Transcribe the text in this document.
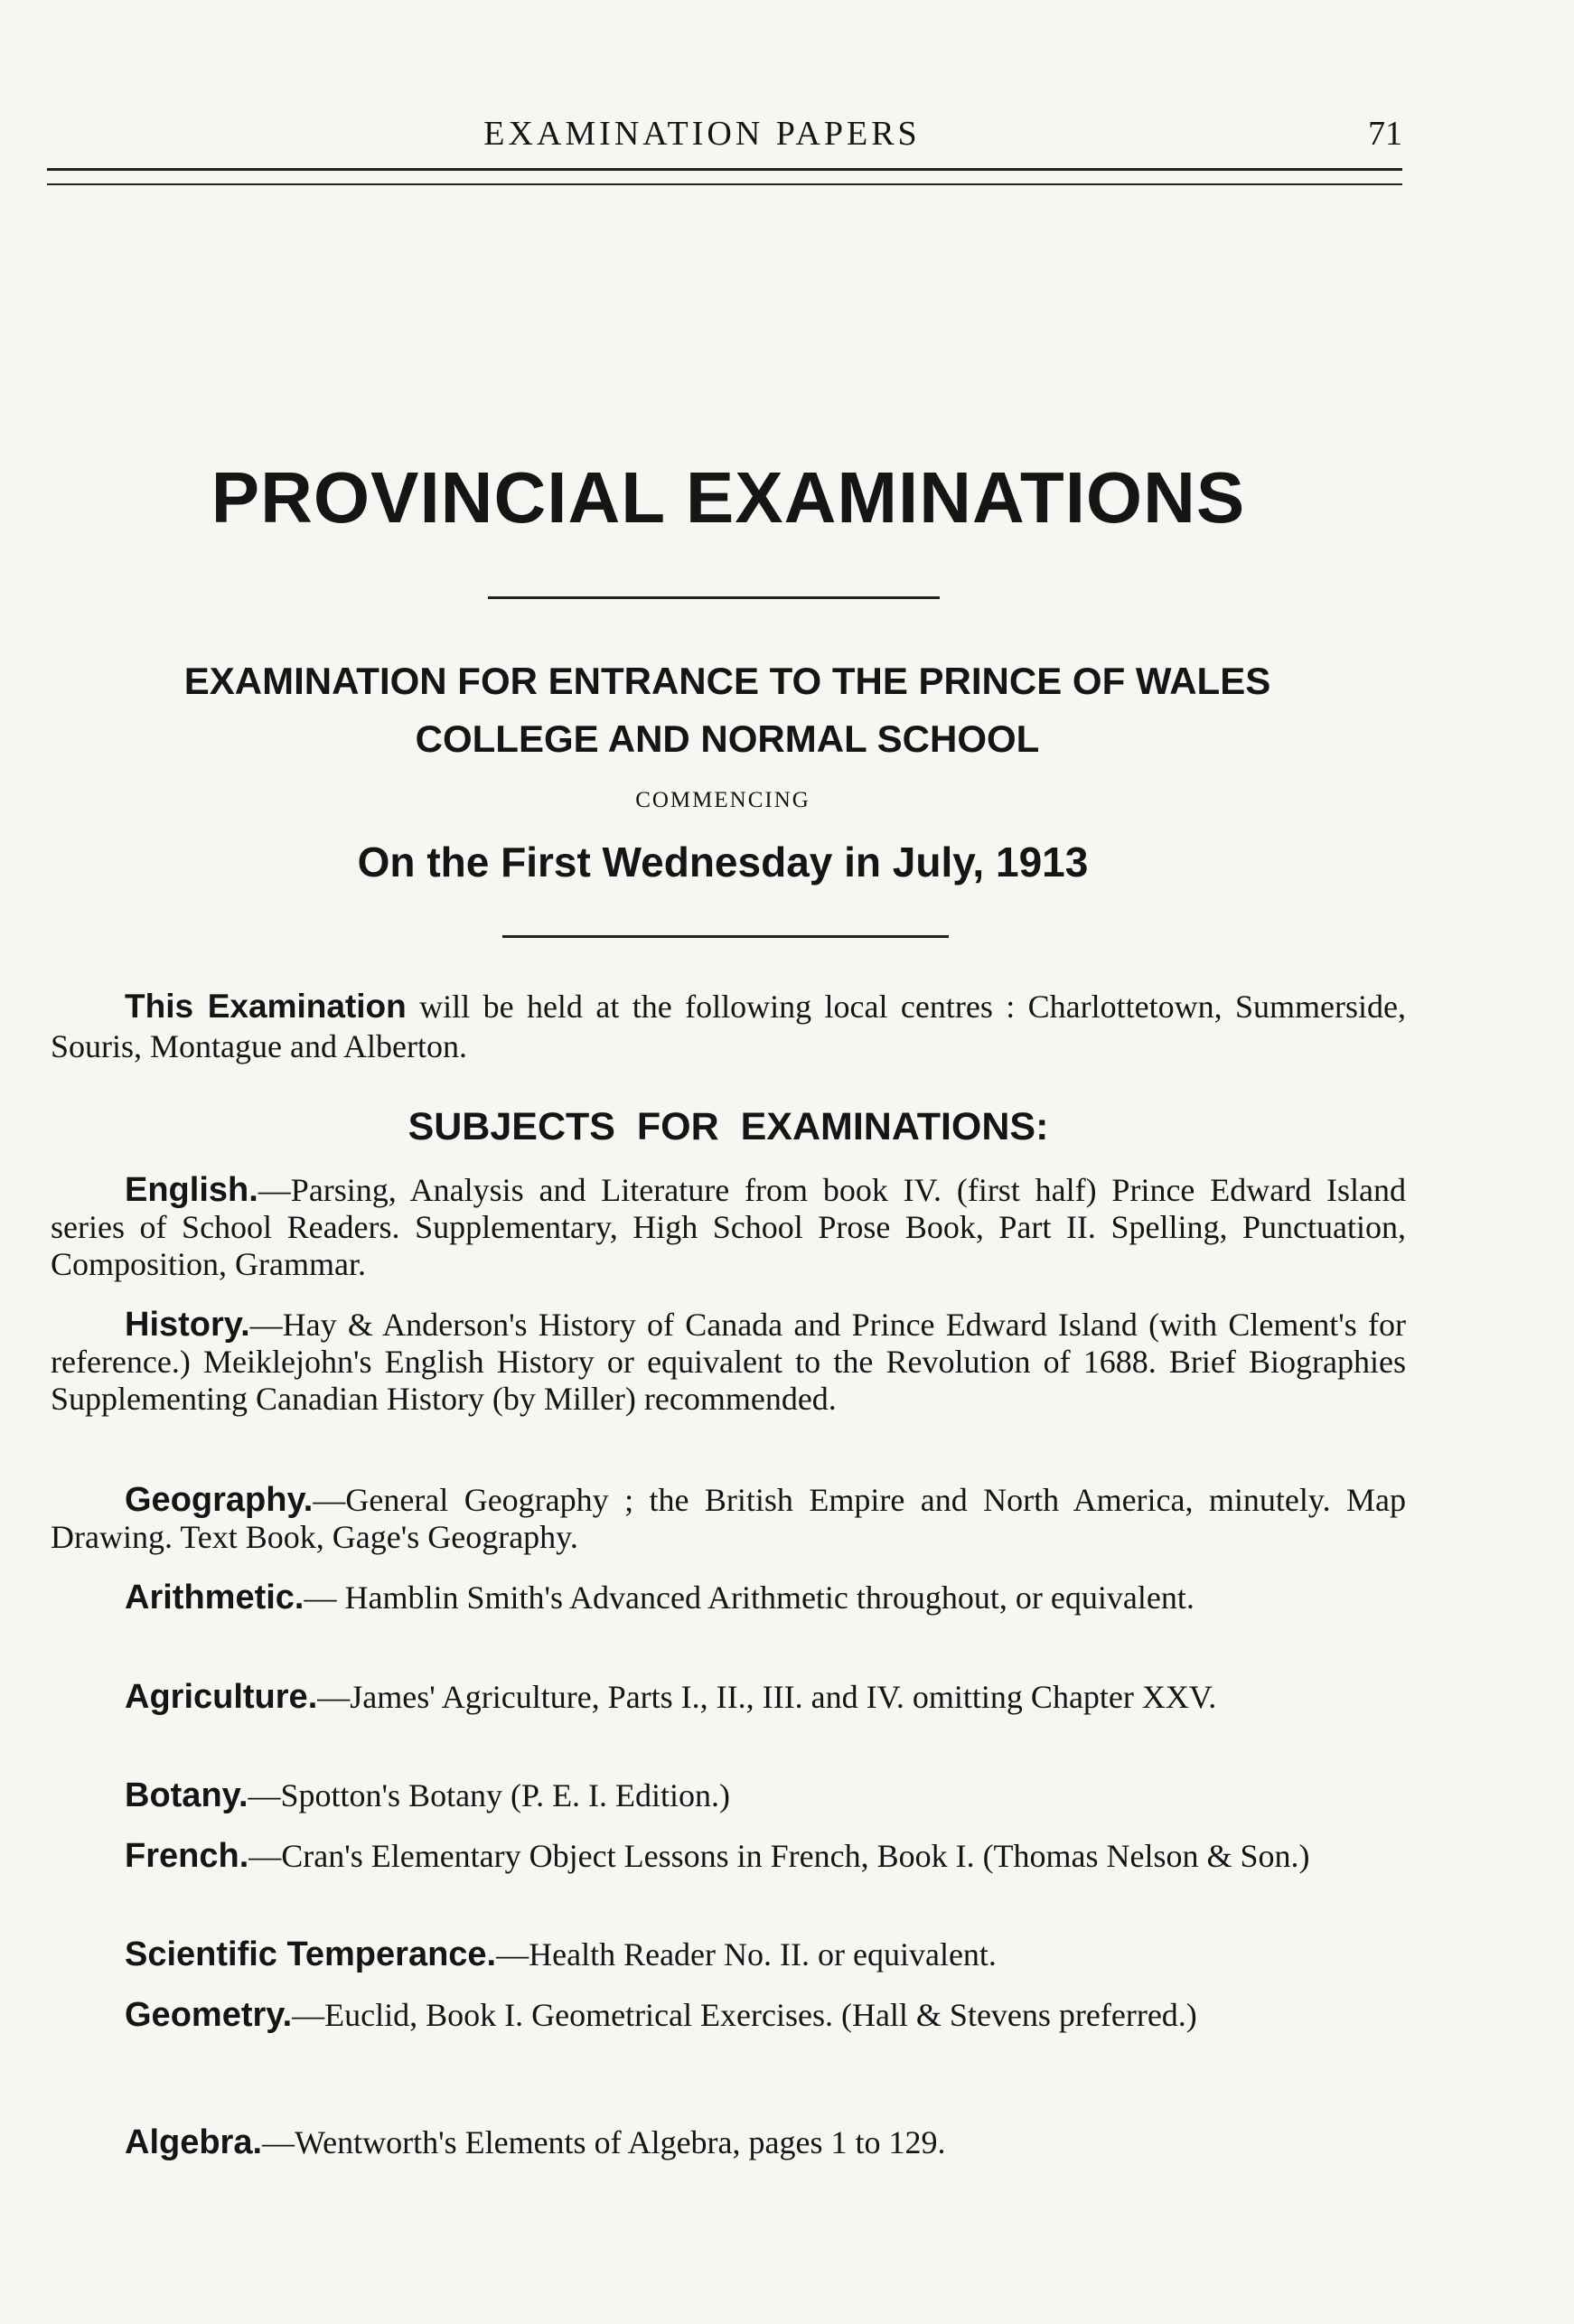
EXAMINATION PAPERS	71
PROVINCIAL EXAMINATIONS
EXAMINATION FOR ENTRANCE TO THE PRINCE OF WALES
COLLEGE AND NORMAL SCHOOL
COMMENCING
On the First Wednesday in July, 1913
This Examination will be held at the following local centres : Charlottetown, Summerside, Souris, Montague and Alberton.
SUBJECTS FOR EXAMINATIONS:
English.—Parsing, Analysis and Literature from book IV. (first half) Prince Edward Island series of School Readers. Supplementary, High School Prose Book, Part II. Spelling, Punctuation, Composition, Grammar.
History.—Hay & Anderson's History of Canada and Prince Edward Island (with Clement's for reference.) Meiklejohn's English History or equivalent to the Revolution of 1688. Brief Biographies Supplementing Canadian History (by Miller) recommended.
Geography.—General Geography ; the British Empire and North America, minutely. Map Drawing. Text Book, Gage's Geography.
Arithmetic.— Hamblin Smith's Advanced Arithmetic throughout, or equivalent.
Agriculture.—James' Agriculture, Parts I., II., III. and IV. omitting Chapter XXV.
Botany.—Spotton's Botany (P. E. I. Edition.)
French.—Cran's Elementary Object Lessons in French, Book I. (Thomas Nelson & Son.)
Scientific Temperance.—Health Reader No. II. or equivalent.
Geometry.—Euclid, Book I. Geometrical Exercises. (Hall & Stevens preferred.)
Algebra.—Wentworth's Elements of Algebra, pages 1 to 129.
